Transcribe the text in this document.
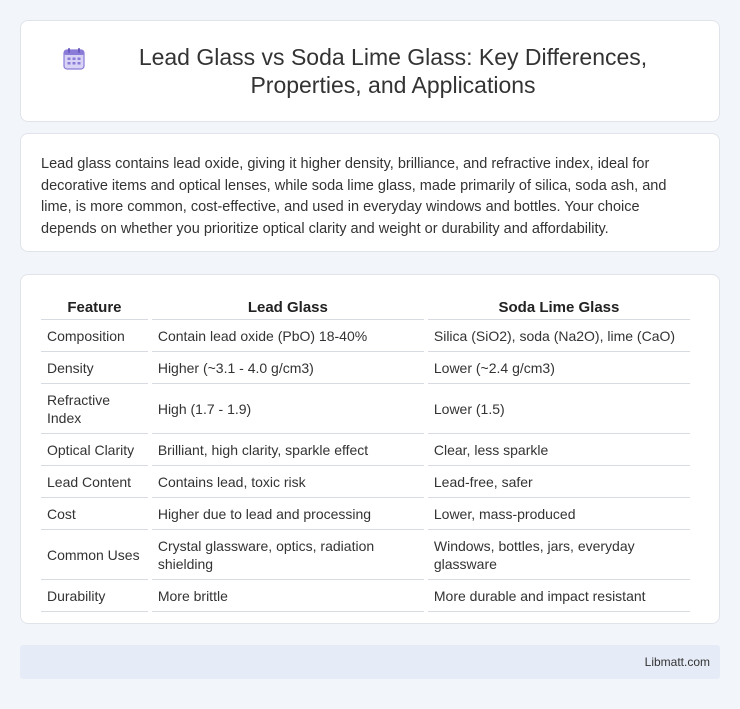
Lead Glass vs Soda Lime Glass: Key Differences, Properties, and Applications

Lead glass contains lead oxide, giving it higher density, brilliance, and refractive index, ideal for decorative items and optical lenses, while soda lime glass, made primarily of silica, soda ash, and lime, is more common, cost-effective, and used in everyday windows and bottles. Your choice depends on whether you prioritize optical clarity and weight or durability and affordability.

Feature	Lead Glass	Soda Lime Glass
Composition	Contain lead oxide (PbO) 18-40%	Silica (SiO2), soda (Na2O), lime (CaO)
Density	Higher (~3.1 - 4.0 g/cm3)	Lower (~2.4 g/cm3)
Refractive Index	High (1.7 - 1.9)	Lower (1.5)
Optical Clarity	Brilliant, high clarity, sparkle effect	Clear, less sparkle
Lead Content	Contains lead, toxic risk	Lead-free, safer
Cost	Higher due to lead and processing	Lower, mass-produced
Common Uses	Crystal glassware, optics, radiation shielding	Windows, bottles, jars, everyday glassware
Durability	More brittle	More durable and impact resistant
Libmatt.com
